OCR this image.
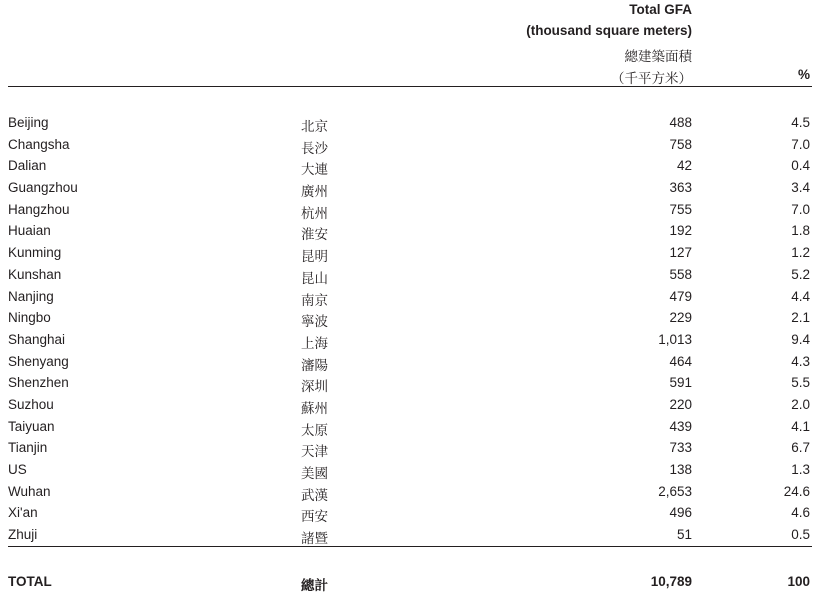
Total GFA
(thousand square meters)
總建築面積
（千平方米）	%
Beijing	北京	488	4.5
Changsha	長沙	758	7.0
Dalian	大連	42	0.4
Guangzhou	廣州	363	3.4
Hangzhou	杭州	755	7.0
Huaian	淮安	192	1.8
Kunming	昆明	127	1.2
Kunshan	昆山	558	5.2
Nanjing	南京	479	4.4
Ningbo	寧波	229	2.1
Shanghai	上海	1,013	9.4
Shenyang	瀋陽	464	4.3
Shenzhen	深圳	591	5.5
Suzhou	蘇州	220	2.0
Taiyuan	太原	439	4.1
Tianjin	天津	733	6.7
US	美國	138	1.3
Wuhan	武漢	2,653	24.6
Xi'an	西安	496	4.6
Zhuji	諸暨	51	0.5
TOTAL	總計	10,789	100
